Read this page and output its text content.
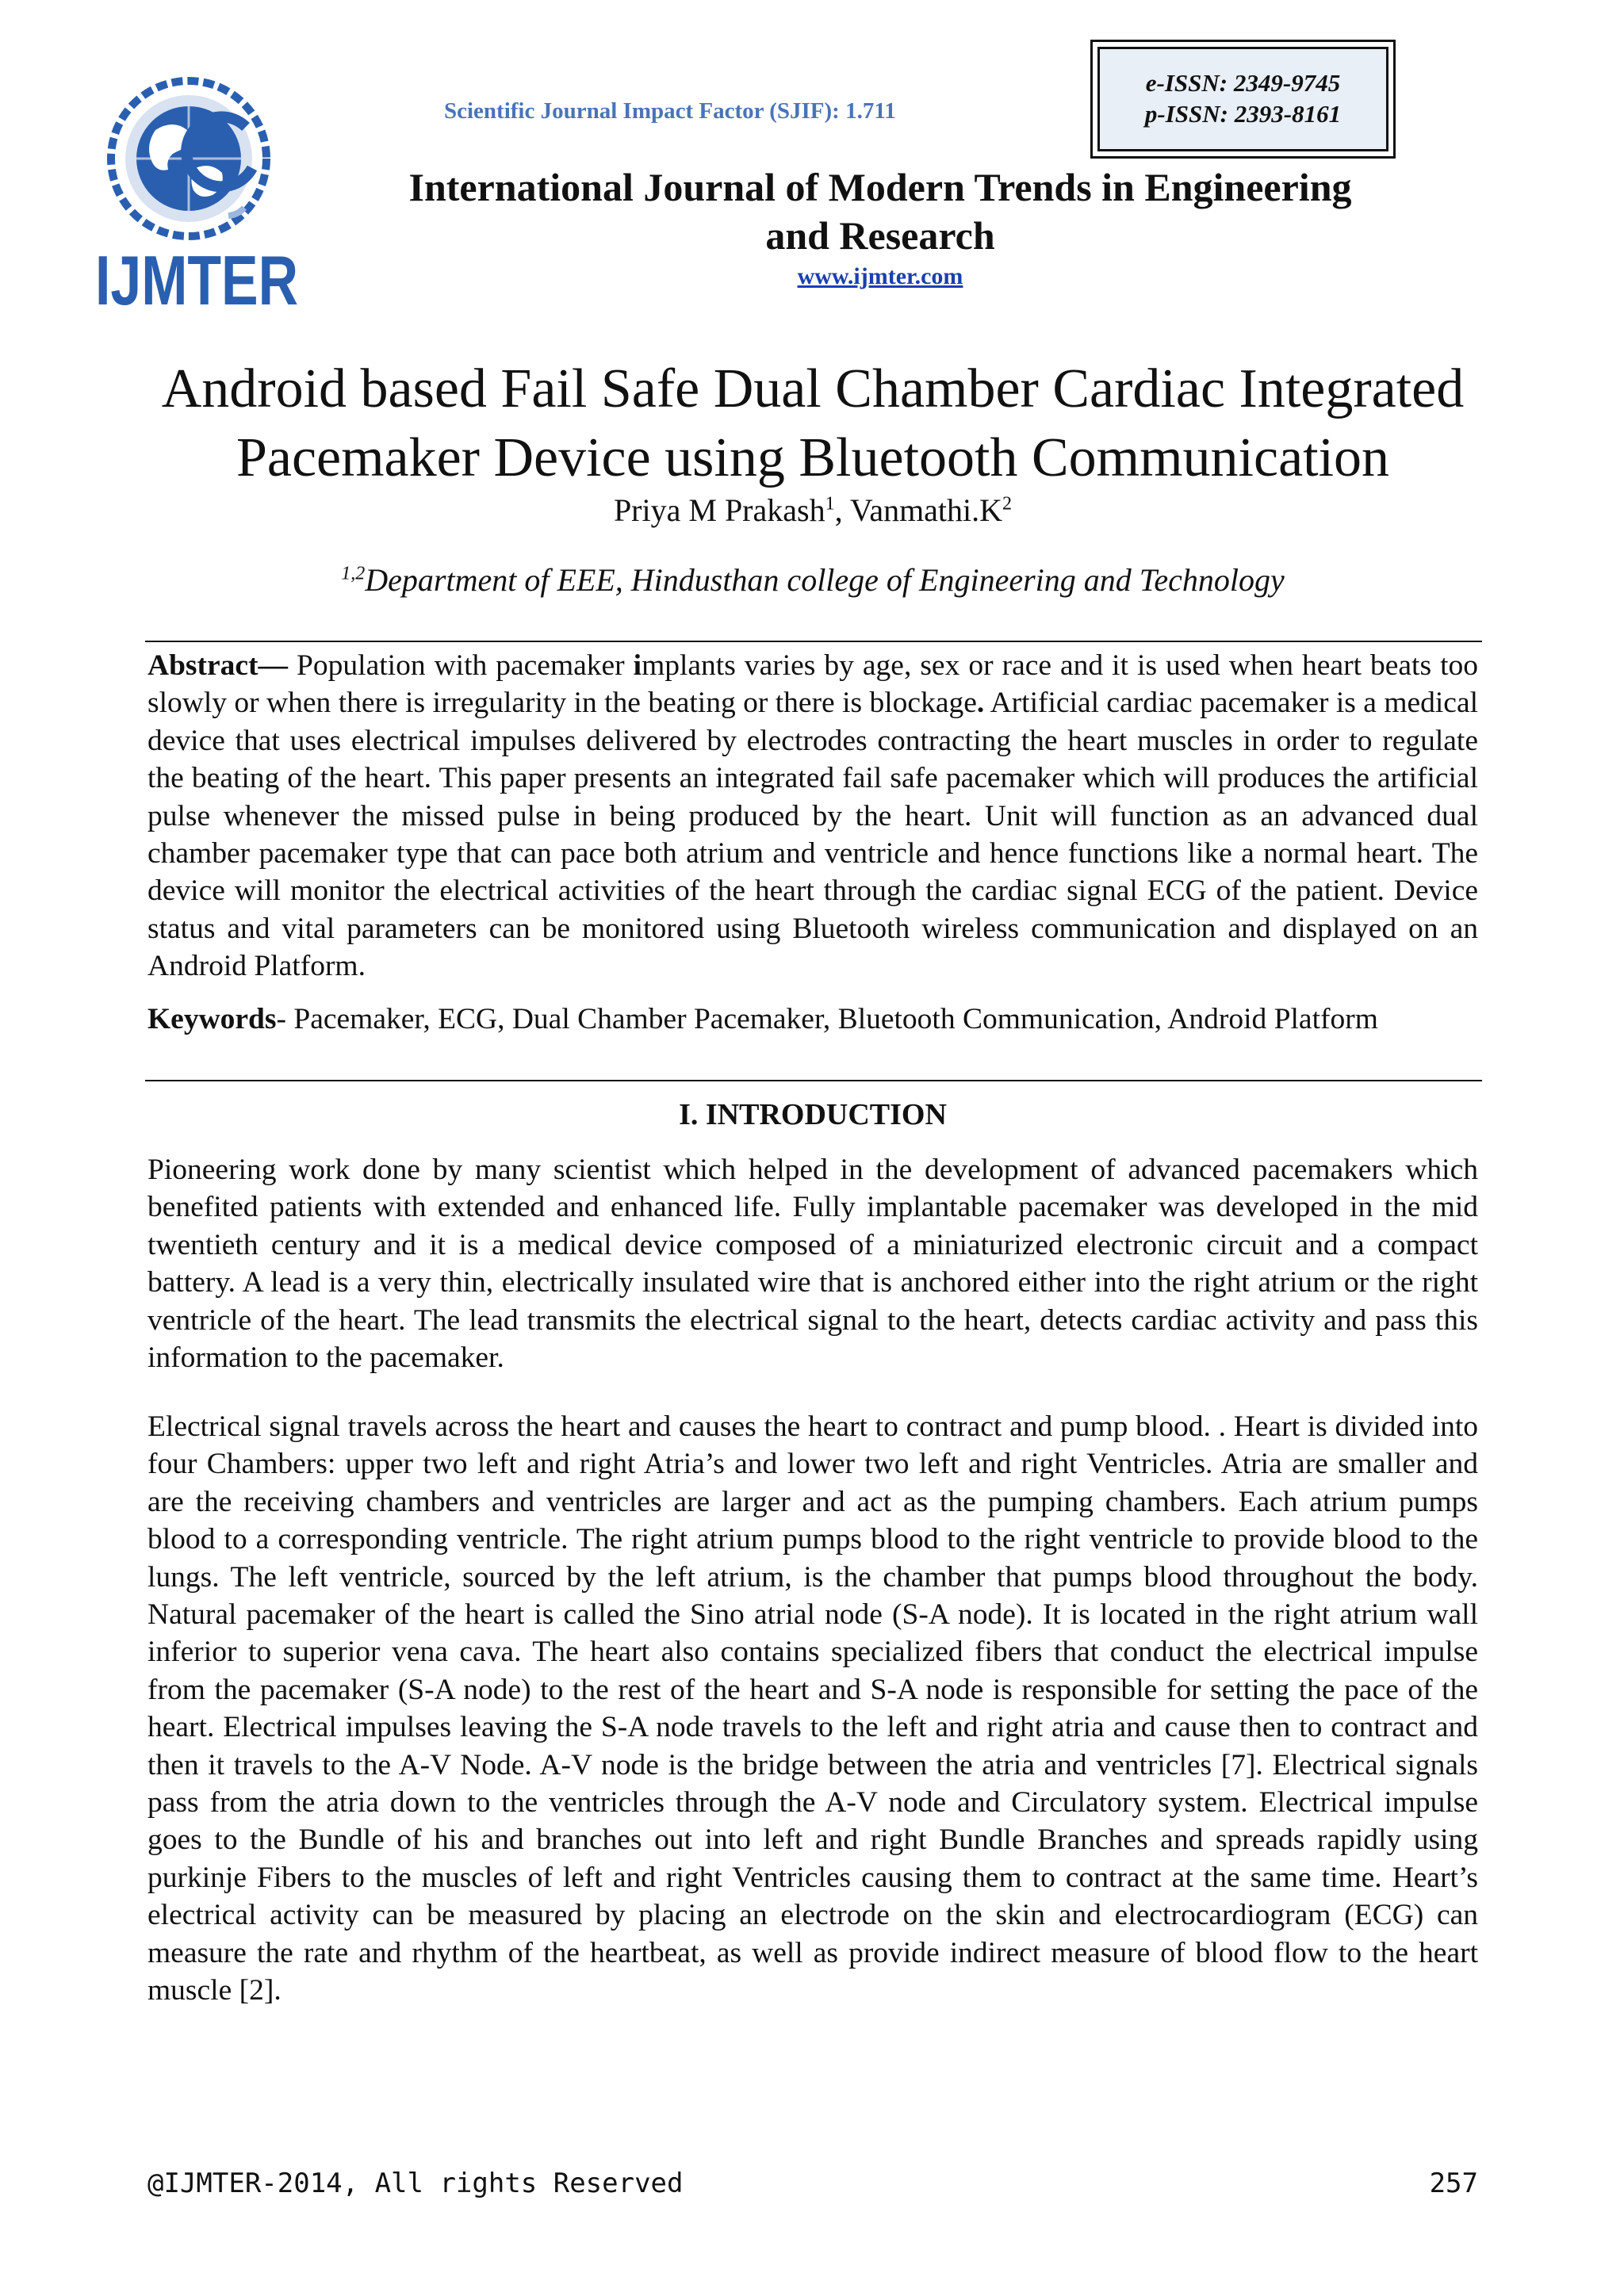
IJMTER
Scientific Journal Impact Factor (SJIF): 1.711
e-ISSN: 2349-9745
p-ISSN: 2393-8161
International Journal of Modern Trends in Engineering
and Research
www.ijmter.com
Android based Fail Safe Dual Chamber Cardiac Integrated
Pacemaker Device using Bluetooth Communication
Priya M Prakash$^1$, $Vanmathi.K^2$
$^{1,2}$Department of EEE, Hindusthan college of Engineering and Technology

Abstract— Population with pacemaker implants varies by age, sex or race and it is used when heart beats too slowly or when there is irregularity in the beating or there is blockage. Artificial cardiac pacemaker is a medical device that uses electrical impulses delivered by electrodes contracting the heart muscles in order to regulate the beating of the heart. This paper presents an integrated fail safe pacemaker which will produces the artificial pulse whenever the missed pulse in being produced by the heart. Unit will function as an advanced dual chamber pacemaker type that can pace both atrium and ventricle and hence functions like a normal heart. The device will monitor the electrical activities of the heart through the cardiac signal ECG of the patient. Device status and vital parameters can be monitored using Bluetooth wireless communication and displayed on an Android Platform.

Keywords- Pacemaker, ECG, Dual Chamber Pacemaker, Bluetooth Communication, Android Platform

I. INTRODUCTION

Pioneering work done by many scientist which helped in the development of advanced pacemakers which benefited patients with extended and enhanced life. Fully implantable pacemaker was developed in the mid twentieth century and it is a medical device composed of a miniaturized electronic circuit and a compact battery. A lead is a very thin, electrically insulated wire that is anchored either into the right atrium or the right ventricle of the heart. The lead transmits the electrical signal to the heart, detects cardiac activity and pass this information to the pacemaker.

Electrical signal travels across the heart and causes the heart to contract and pump blood. . Heart is divided into four Chambers: upper two left and right Atria’s and lower two left and right Ventricles. Atria are smaller and are the receiving chambers and ventricles are larger and act as the pumping chambers. Each atrium pumps blood to a corresponding ventricle. The right atrium pumps blood to the right ventricle to provide blood to the lungs. The left ventricle, sourced by the left atrium, is the chamber that pumps blood throughout the body. Natural pacemaker of the heart is called the Sino atrial node (S-A node). It is located in the right atrium wall inferior to superior vena cava. The heart also contains specialized fibers that conduct the electrical impulse from the pacemaker (S-A node) to the rest of the heart and S-A node is responsible for setting the pace of the heart. Electrical impulses leaving the S-A node travels to the left and right atria and cause then to contract and then it travels to the A-V Node. A-V node is the bridge between the atria and ventricles [7]. Electrical signals pass from the atria down to the ventricles through the A-V node and Circulatory system. Electrical impulse goes to the Bundle of his and branches out into left and right Bundle Branches and spreads rapidly using purkinje Fibers to the muscles of left and right Ventricles causing them to contract at the same time. Heart’s electrical activity can be measured by placing an electrode on the skin and electrocardiogram (ECG) can measure the rate and rhythm of the heartbeat, as well as provide indirect measure of blood flow to the heart muscle [2].

@IJMTER-2014, All rights Reserved	257
